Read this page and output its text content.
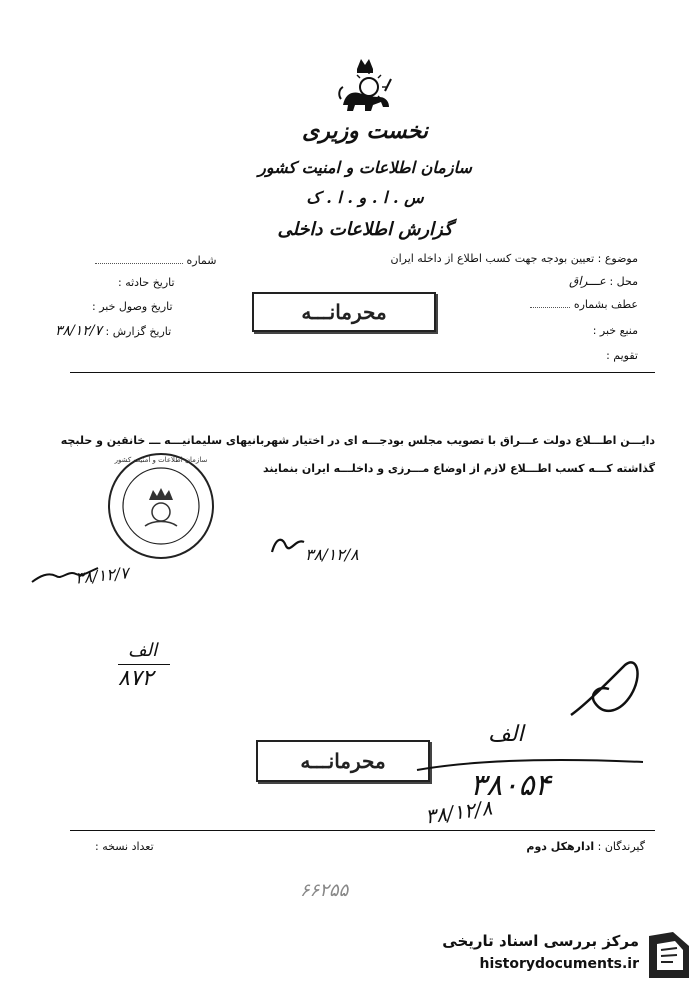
نخست وزیری
سازمان اطلاعات و امنیت کشور
س . ا . و . ا . ک
گزارش اطلاعات داخلی
موضوع : تعیین بودجه جهت کسب اطلاع از داخله ایران
محل : عـــراق
عطف بشماره
منبع خبر :
تقویم :
شماره
تاریخ حادثه :
تاریخ وصول خبر :
تاریخ گزارش : ۳۸/۱۲/۷
محرمانـــه
دایـــن اطـــلاع دولت عـــراق با تصویب مجلس بودجـــه ای در اختیار شهربانیهای سلیمانیـــه ـــ خانقین و حلبچه
گذاشته کـــه کسب اطـــلاع لازم از اوضاع مـــرزی و داخلـــه ایران بنمایند
سازمان اطلاعات و امنیت کشور
۳۸/۱۲/۷
۳۸/۱۲/۸
الف
۸۷۲
محرمانـــه
الف
۳۸۰۵۴
۳۸/۱۲/۸
گیرندگان : ادارهکل دوم
تعداد نسخه :
۶۶۲۵۵
مرکز بررسی اسناد تاریخی
historydocuments.ir
